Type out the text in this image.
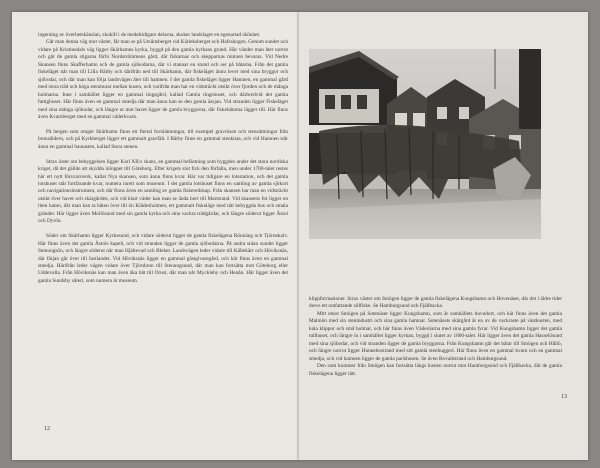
ingenting av överhetskänslan, skokill i de medeltidigare delarna, skoker landslaget en egenartad skönhet.

Går man denna väg mot väster, får man se på Utsiktsberget vid Kärleksberget och Hafsskogen. Genom sundet och vidare på Kristinedals väg ligger Skärhamns kyrka, byggd på den gamla kyrkans grund. Här vänder man åter norrut och går de gamla stigarna förbi Nordströmmens gård, där fiskarnas och skepparnas minnen bevaras. Vid Nedre Skansen finns Skafferhamn och de gamla sjöbodarna, där vi stannar en stund och ser på båtarna. Från det gamla fiskeläget når man till Lilla Bärby och därifrån ned till Skärhamn, där fiskeläget ännu lever med sina bryggor och sjöbodar, och där man kan följa landsvägen åter till hamnen. I det gamla fiskeläget ligger Hamnen, en gammal gård med stora träd och höga stenmurar mellan husen, och varifrån man har en vidsträckt utsikt över fjorden och de många holmarna. Inne i samhället ligger en gammal tingsgård, kallad Gamla tingshuset, och därbredvid det gamla fattighuset. Här finns även en gammal smedja där man ännu kan se den gamla ässjan. Vid stranden ligger Fiskeläget med sina många sjöbodar, och längre ut mot havet ligger de gamla bryggorna, där fiskebåtarna lägger till. Här finns även Kvarnberget med en gammal väderkvarn.

På bergen som omger Skärhamn finns ett flertal fornlämningar, till exempel gravrösen och stensättningar från bronsåldern, och på Kyrkberget ligger ett gammalt gravfält. I Bärby finns en gammal stenkista, och vid Hamnen står ännu en gammal bautasten, kallad Stora stenen.

Strax öster om bebyggelsen ligger Karl XII:s skans, en gammal befästning som byggdes under det stora nordiska kriget, då det gällde att skydda inloppet till Göteborg. Efter krigets slut fick den förfalla, men under 1700-talet restes här ett nytt försvarsverk, kallat Nya skansen, som ännu finns kvar. Här var tidigare en lotsstation, och det gamla lotshuset står fortfarande kvar, numera inrett som museum. I det gamla lotshuset finns en samling av gamla sjökort och navigationsinstrument, och där finns även en samling av gamla fiskeredskap. Från skansen har man en vidsträckt utsikt över havet och skärgården, och vid klart väder kan man se ända bort till Marstrand. Vid skansens fot ligger en liten hamn, där man kan ta båten över till ön Klädesholmen, ett gammalt fiskeläge med tätt bebyggda hus och smala gränder. Här ligger även Mollösund med sin gamla kyrka och sina vackra trädgårdar, och längre söderut ligger Åstol och Dyrön.

Söder om Skärhamn ligger Kyrkesund, och vidare söderut ligger de gamla fiskelägena Rönnäng och Tjörnekalv. Här finns även det gamla Åstols kapell, och vid stranden ligger de gamla sjöbodarna. På andra sidan sundet ligger Stenungsön, och längre söderut når man Hjältevad och Bleket. Landsvägen leder vidare till Kållekärr och Höviksnäs, där färjan går över till fastlandet. Vid Höviksnäs ligger en gammal gästgivaregård, och här finns även en gammal smedja. Härifrån leder vägen vidare över Tjörnbron till Stenungsund, där man kan fortsätta mot Göteborg eller Uddevalla. Från Höviksnäs kan man även åka båt till Orust, där man når Myckleby och Henån. Här ligger även det gamla Sundsby säteri, som numera är museum.

12

klippformationer. Strax väster om Smögen ligger de gamla fiskelägena Kungshamn och Hovenäset, där det i äldre tider drevs ett omfattande sillfiske. Se Hamburgsund och Fjällbacka.

Mitt emot Smögen på Sotenäset ligger Kungshamn, som är samhällets huvudort, och här finns även det gamla Malmön med sin stenindustri och sina gamla hamnar. Sotenäsets skärgård är en av de vackraste på västkusten, med kala klippor och små holmar, och här finns även Väderöarna med sina gamla fyrar. Vid Kungshamn ligger det gamla tullhuset, och längre in i samhället ligger kyrkan, byggd i slutet av 1800-talet. Här ligger även det gamla Hasselösund med sina sjöbodar, och vid stranden ligger de gamla bryggorna. Från Kungshamn går det båtar till Smögen och Hållö, och längre norrut ligger Hunnebostrand med sitt gamla stenhuggeri. Här finns även en gammal kvarn och en gammal smedja, och vid hamnen ligger de gamla packhusen. Se även Bovallstrand och Hamburgsund.

Den som kommer från Smögen kan fortsätta längs kusten norrut mot Hamburgsund och Fjällbacka, där de gamla fiskelägena ligger tätt.

13
